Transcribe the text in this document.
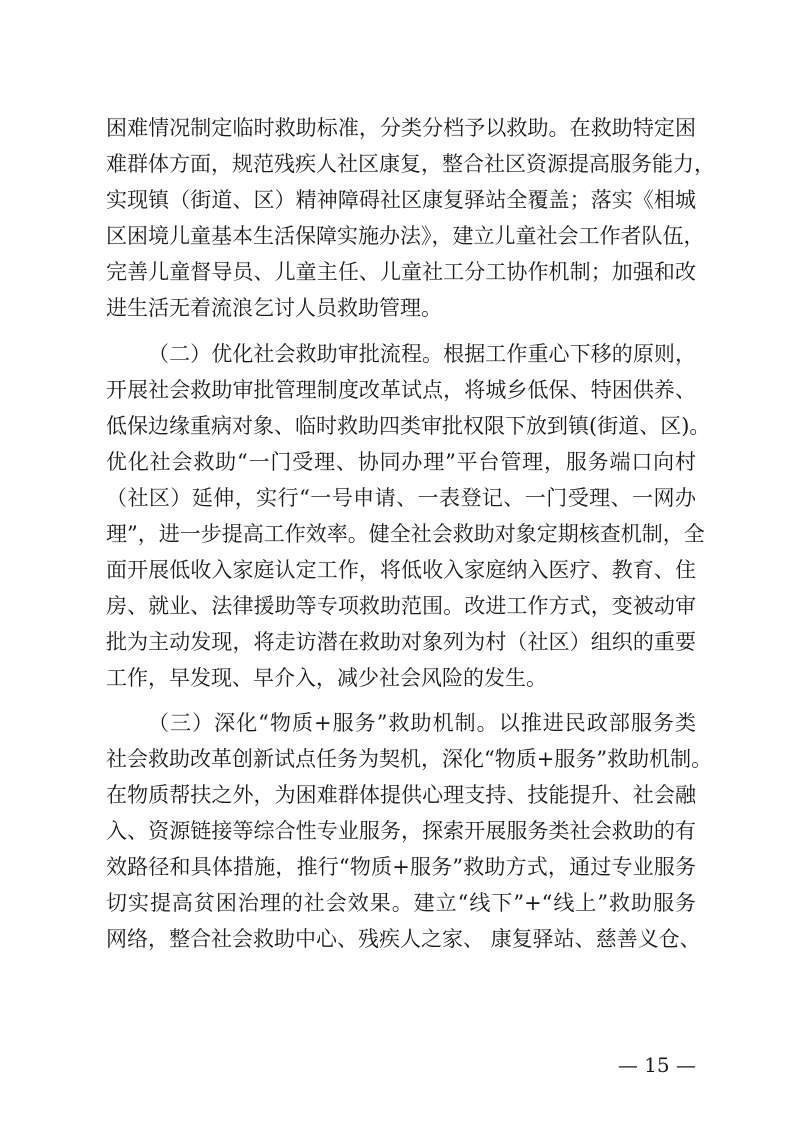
困难情况制定临时救助标准，分类分档予以救助。在救助特定困
难群体方面，规范残疾人社区康复，整合社区资源提高服务能力，
实现镇（街道、区）精神障碍社区康复驿站全覆盖；落实《相城
区困境儿童基本生活保障实施办法》，建立儿童社会工作者队伍，
完善儿童督导员、儿童主任、儿童社工分工协作机制；加强和改
进生活无着流浪乞讨人员救助管理。
（二）优化社会救助审批流程。根据工作重心下移的原则，
开展社会救助审批管理制度改革试点，将城乡低保、特困供养、
低保边缘重病对象、临时救助四类审批权限下放到镇(街道、区)。
优化社会救助“一门受理、协同办理”平台管理，服务端口向村
（社区）延伸，实行“一号申请、一表登记、一门受理、一网办
理”，进一步提高工作效率。健全社会救助对象定期核查机制，全
面开展低收入家庭认定工作，将低收入家庭纳入医疗、教育、住
房、就业、法律援助等专项救助范围。改进工作方式，变被动审
批为主动发现，将走访潜在救助对象列为村（社区）组织的重要
工作，早发现、早介入，减少社会风险的发生。
（三）深化“物质+服务”救助机制。以推进民政部服务类
社会救助改革创新试点任务为契机，深化“物质+服务”救助机制。
在物质帮扶之外，为困难群体提供心理支持、技能提升、社会融
入、资源链接等综合性专业服务，探索开展服务类社会救助的有
效路径和具体措施，推行“物质+服务”救助方式，通过专业服务
切实提高贫困治理的社会效果。建立“线下”+“线上”救助服务
网络，整合社会救助中心、残疾人之家、 康复驿站、慈善义仓、
— 15 —
